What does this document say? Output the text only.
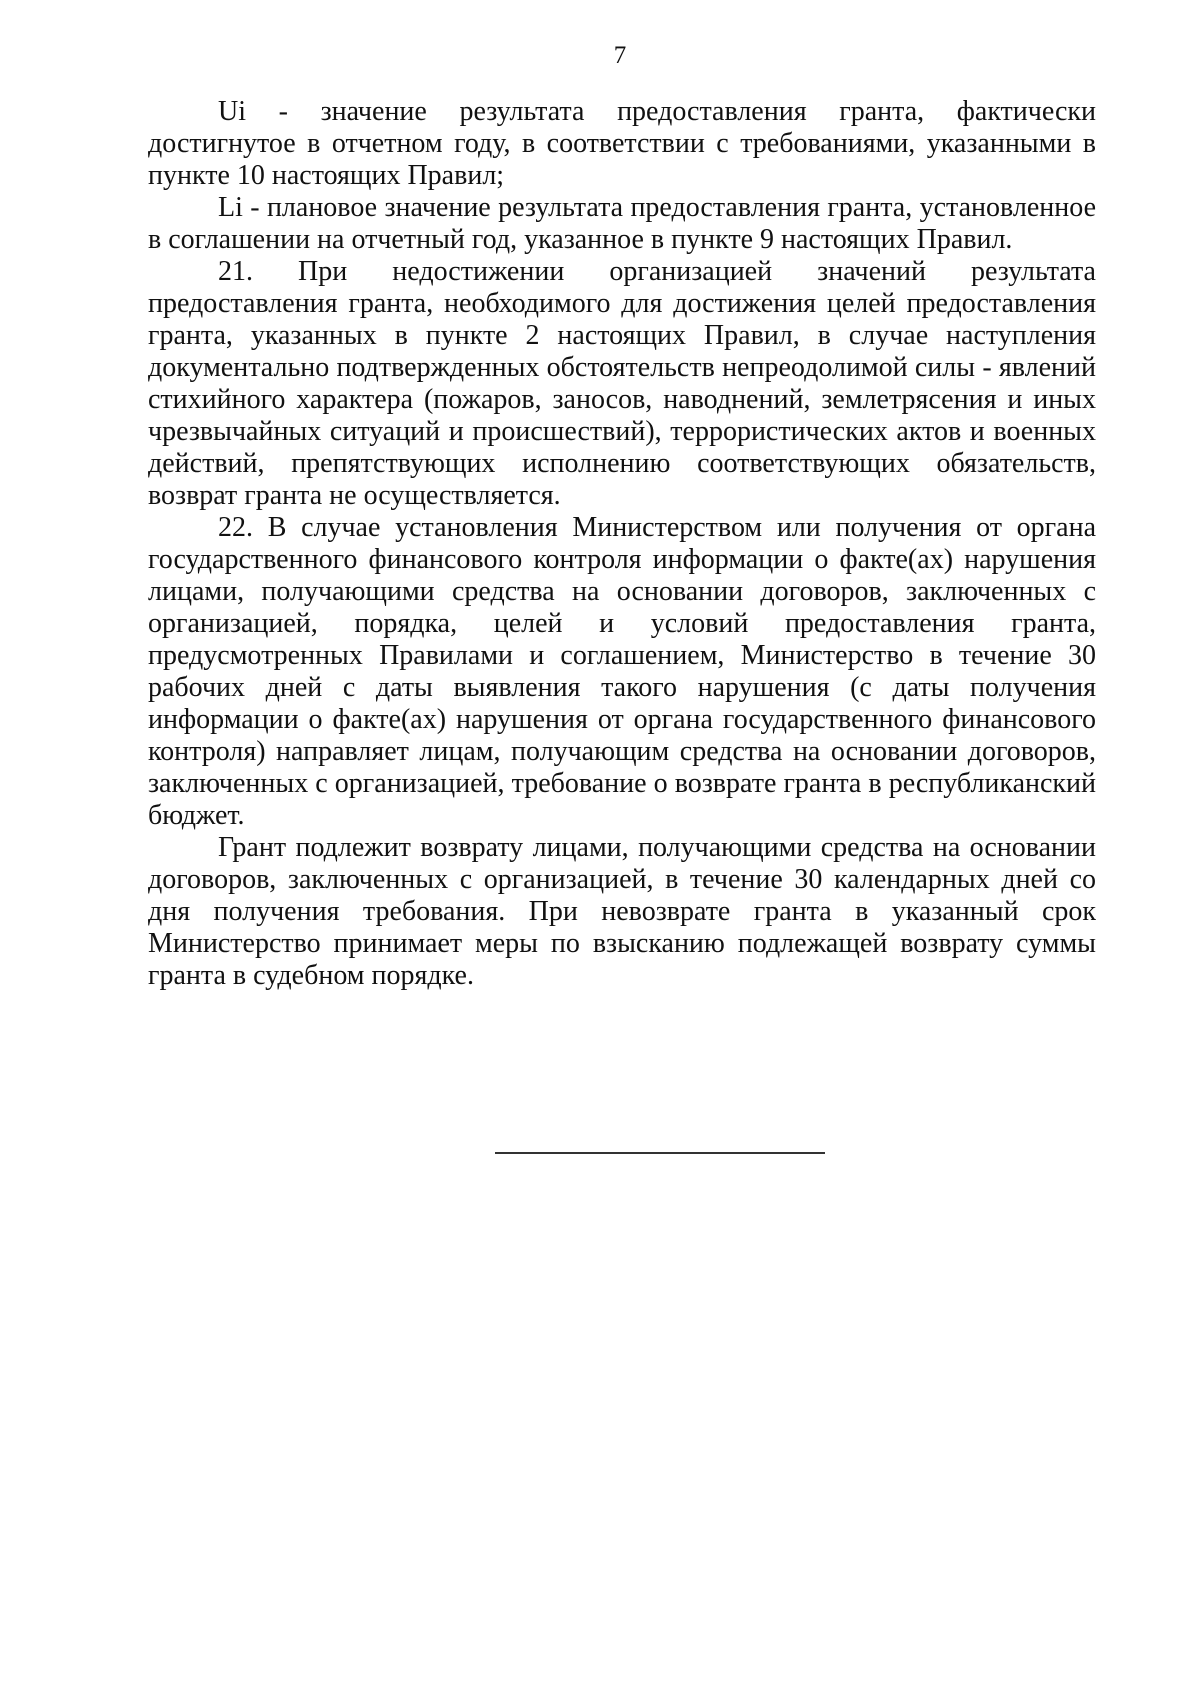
7

Ui - значение результата предоставления гранта, фактически достигнутое в отчетном году, в соответствии с требованиями, указанными в пункте 10 настоящих Правил;

Li - плановое значение результата предоставления гранта, установленное в соглашении на отчетный год, указанное в пункте 9 настоящих Правил.

21. При недостижении организацией значений результата предоставления гранта, необходимого для достижения целей предоставления гранта, указанных в пункте 2 настоящих Правил, в случае наступления документально подтвержденных обстоятельств непреодолимой силы - явлений стихийного характера (пожаров, заносов, наводнений, землетрясения и иных чрезвычайных ситуаций и происшествий), террористических актов и военных действий, препятствующих исполнению соответствующих обязательств, возврат гранта не осуществляется.

22. В случае установления Министерством или получения от органа государственного финансового контроля информации о факте(ах) нарушения лицами, получающими средства на основании договоров, заключенных с организацией, порядка, целей и условий предоставления гранта, предусмотренных Правилами и соглашением, Министерство в течение 30 рабочих дней с даты выявления такого нарушения (с даты получения информации о факте(ах) нарушения от органа государственного финансового контроля) направляет лицам, получающим средства на основании договоров, заключенных с организацией, требование о возврате гранта в республиканский бюджет.

Грант подлежит возврату лицами, получающими средства на основании договоров, заключенных с организацией, в течение 30 календарных дней со дня получения требования. При невозврате гранта в указанный срок Министерство принимает меры по взысканию подлежащей возврату суммы гранта в судебном порядке.
